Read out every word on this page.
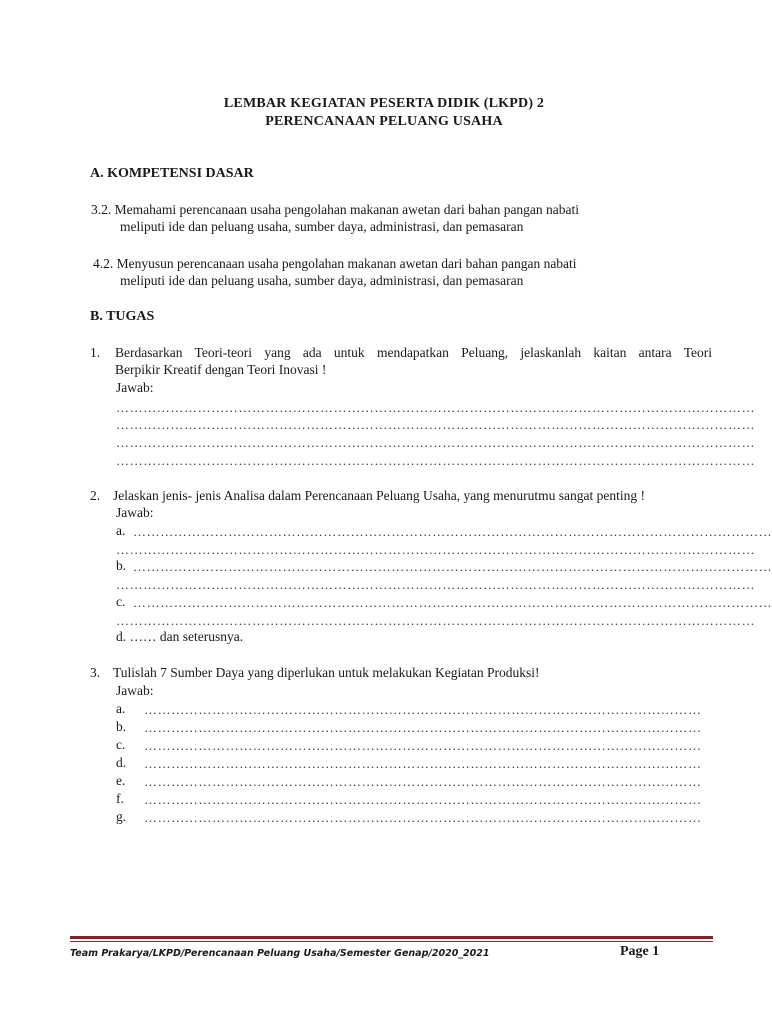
LEMBAR KEGIATAN PESERTA DIDIK (LKPD) 2
PERENCANAAN PELUANG USAHA
A. KOMPETENSI DASAR
3.2. Memahami perencanaan usaha pengolahan makanan awetan dari bahan pangan nabati
meliputi ide dan peluang usaha, sumber daya, administrasi, dan pemasaran
4.2. Menyusun perencanaan usaha pengolahan makanan awetan dari bahan pangan nabati
meliputi ide dan peluang usaha, sumber daya, administrasi, dan pemasaran
B. TUGAS
1. Berdasarkan Teori-teori yang ada untuk mendapatkan Peluang, jelaskanlah kaitan antara Teori
Berpikir Kreatif dengan Teori Inovasi !
Jawab:
……………………………………………………………………………………………………………………………
……………………………………………………………………………………………………………………………
……………………………………………………………………………………………………………………………
……………………………………………………………………………………………………………………………
2. Jelaskan jenis- jenis Analisa dalam Perencanaan Peluang Usaha, yang menurutmu sangat penting !
Jawab:
a. ……………………………………………………………………………………………………………………………
……………………………………………………………………………………………………………………………
b. ……………………………………………………………………………………………………………………………
……………………………………………………………………………………………………………………………
c. ……………………………………………………………………………………………………………………………
……………………………………………………………………………………………………………………………
d. …… dan seterusnya.
3. Tulislah 7 Sumber Daya yang diperlukan untuk melakukan Kegiatan Produksi!
Jawab:
a. ……………………………………………………………………………………………………………
b. ……………………………………………………………………………………………………………
c. ……………………………………………………………………………………………………………
d. ……………………………………………………………………………………………………………
e. ……………………………………………………………………………………………………………
f. ……………………………………………………………………………………………………………
g. ……………………………………………………………………………………………………………
Team Prakarya/LKPD/Perencanaan Peluang Usaha/Semester Genap/2020_2021	Page 1
